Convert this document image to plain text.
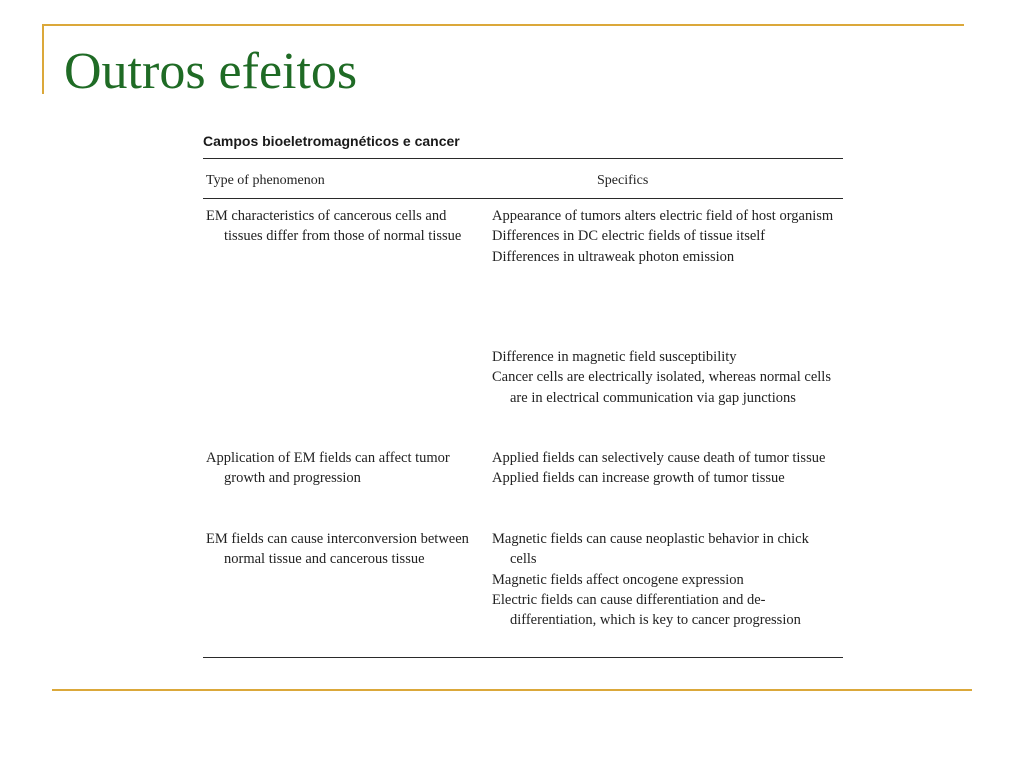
Outros efeitos
Campos bioeletromagnéticos e cancer
Type of phenomenon	Specifics

EM characteristics of cancerous cells and tissues differ from those of normal tissue

Appearance of tumors alters electric field of host organism

Differences in DC electric fields of tissue itself

Differences in ultraweak photon emission

Difference in magnetic field susceptibility

Cancer cells are electrically isolated, whereas normal cells are in electrical communication via gap junctions

Application of EM fields can affect tumor growth and progression

Applied fields can selectively cause death of tumor tissue

Applied fields can increase growth of tumor tissue

EM fields can cause interconversion between normal tissue and cancerous tissue

Magnetic fields can cause neoplastic behavior in chick cells

Magnetic fields affect oncogene expression

Electric fields can cause differentiation and de-differentiation, which is key to cancer progression
